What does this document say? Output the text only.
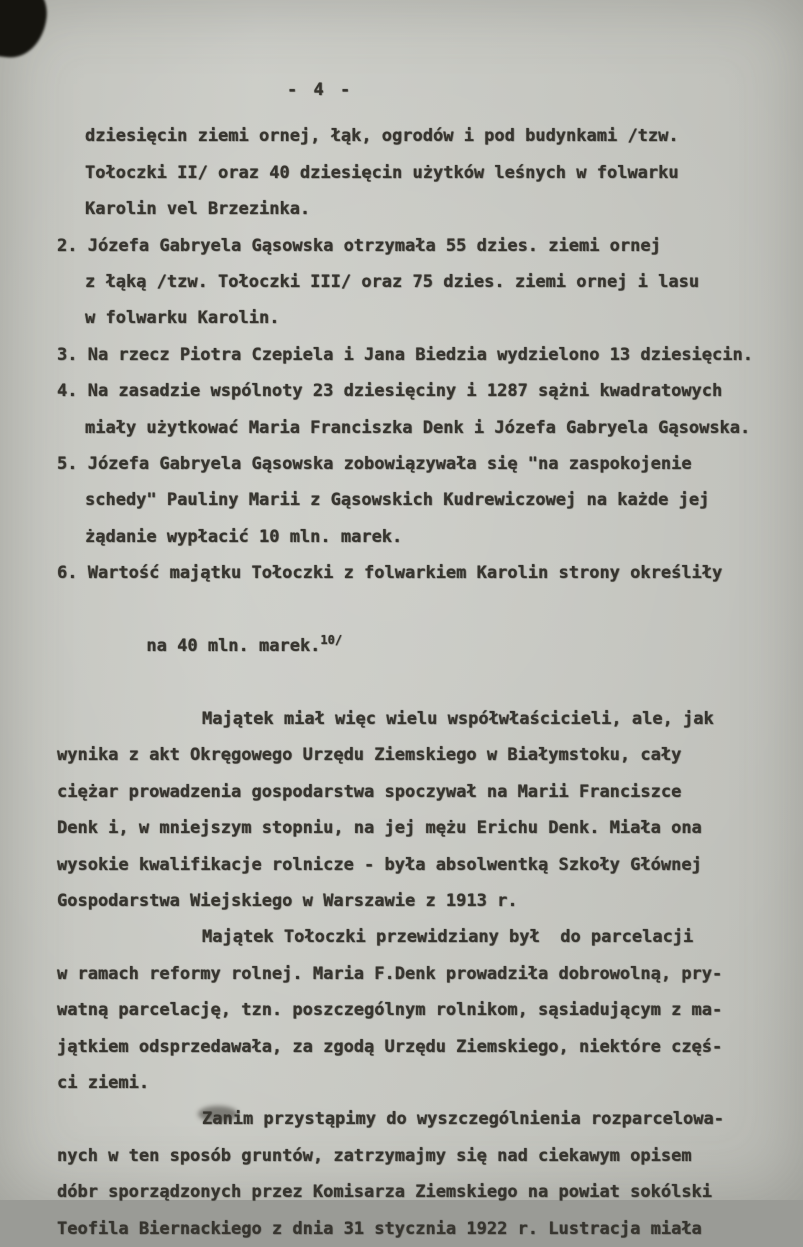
- 4 -
dziesięcin ziemi ornej, łąk, ogrodów i pod budynkami /tzw.
Tołoczki II/ oraz 40 dziesięcin użytków leśnych w folwarku
Karolin vel Brzezinka.
2. Józefa Gabryela Gąsowska otrzymała 55 dzies. ziemi ornej
z łąką /tzw. Tołoczki III/ oraz 75 dzies. ziemi ornej i lasu
w folwarku Karolin.
3. Na rzecz Piotra Czepiela i Jana Biedzia wydzielono 13 dziesięcin.
4. Na zasadzie wspólnoty 23 dziesięciny i 1287 sążni kwadratowych
miały użytkować Maria Franciszka Denk i Józefa Gabryela Gąsowska.
5. Józefa Gabryela Gąsowska zobowiązywała się "na zaspokojenie
schedy" Pauliny Marii z Gąsowskich Kudrewiczowej na każde jej
żądanie wypłacić 10 mln. marek.
6. Wartość majątku Tołoczki z folwarkiem Karolin strony określiły

na 40 mln. marek.$^{10/}$

Majątek miał więc wielu współwłaścicieli, ale, jak
wynika z akt Okręgowego Urzędu Ziemskiego w Białymstoku, cały
ciężar prowadzenia gospodarstwa spoczywał na Marii Franciszce
Denk i, w mniejszym stopniu, na jej mężu Erichu Denk. Miała ona
wysokie kwalifikacje rolnicze - była absolwentką Szkoły Głównej
Gospodarstwa Wiejskiego w Warszawie z 1913 r.
Majątek Tołoczki przewidziany był  do parcelacji
w ramach reformy rolnej. Maria F.Denk prowadziła dobrowolną, pry-
watną parcelację, tzn. poszczególnym rolnikom, sąsiadującym z ma-
jątkiem odsprzedawała, za zgodą Urzędu Ziemskiego, niektóre częś-
ci ziemi.
Zanim przystąpimy do wyszczególnienia rozparcelowa-
nych w ten sposób gruntów, zatrzymajmy się nad ciekawym opisem
dóbr sporządzonych przez Komisarza Ziemskiego na powiat sokólski
Teofila Biernackiego z dnia 31 stycznia 1922 r. Lustracja miała
